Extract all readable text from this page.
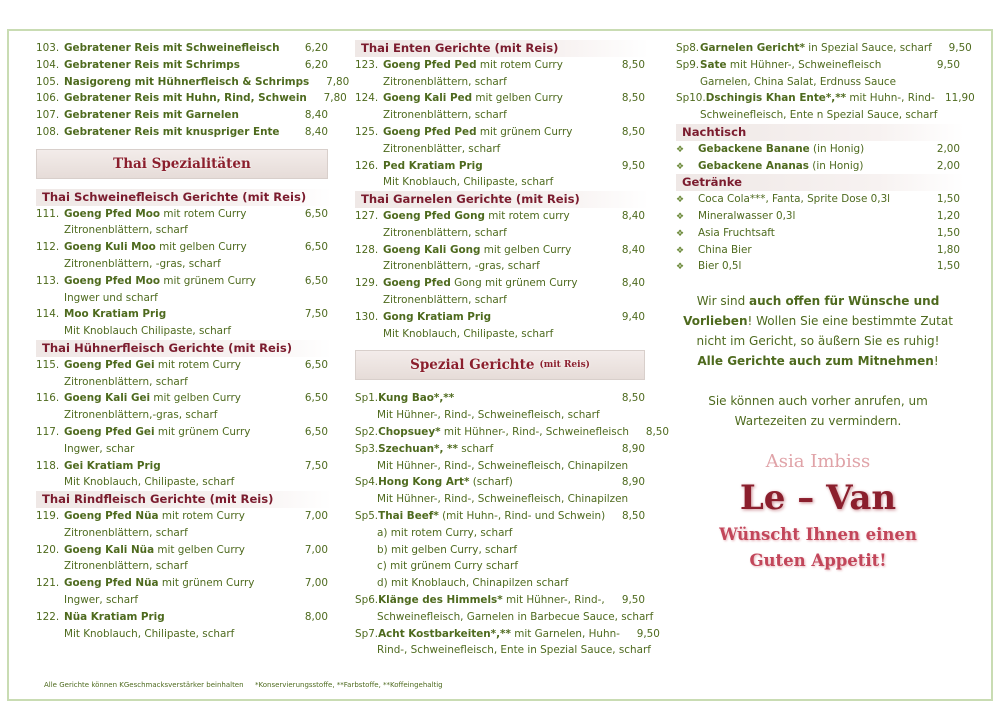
103. Gebratener Reis mit Schweinefleisch	6,20
104. Gebratener Reis mit Schrimps	6,20
105. Nasigoreng mit Hühnerfleisch & Schrimps	7,80
106. Gebratener Reis mit Huhn, Rind, Schwein	7,80
107. Gebratener Reis mit Garnelen	8,40
108. Gebratener Reis mit knuspriger Ente	8,40
Thai Spezialitäten
Thai Schweinefleisch Gerichte (mit Reis)
111. Goeng Pfed Moo mit rotem Curry	6,50
Zitronenblättern, scharf
112. Goeng Kuli Moo mit gelben Curry	6,50
Zitronenblättern, -gras, scharf
113. Goeng Pfed Moo mit grünem Curry	6,50
Ingwer und scharf
114. Moo Kratiam Prig	7,50
Mit Knoblauch Chilipaste, scharf
Thai Hühnerfleisch Gerichte (mit Reis)
115. Goeng Pfed Gei mit rotem Curry	6,50
Zitronenblättern, scharf
116. Goeng Kali Gei mit gelben Curry	6,50
Zitronenblättern,-gras, scharf
117. Goeng Pfed Gei mit grünem Curry	6,50
Ingwer, schar
118. Gei Kratiam Prig	7,50
Mit Knoblauch, Chilipaste, scharf
Thai Rindfleisch Gerichte (mit Reis)
119. Goeng Pfed Nüa mit rotem Curry	7,00
Zitronenblättern, scharf
120. Goeng Kali Nüa mit gelben Curry	7,00
Zitronenblättern, scharf
121. Goeng Pfed Nüa mit grünem Curry	7,00
Ingwer, scharf
122. Nüa Kratiam Prig	8,00
Mit Knoblauch, Chilipaste, scharf
Thai Enten Gerichte (mit Reis)
123. Goeng Pfed Ped mit rotem Curry	8,50
Zitronenblättern, scharf
124. Goeng Kali Ped mit gelben Curry	8,50
Zitronenblättern, scharf
125. Goeng Pfed Ped mit grünem Curry	8,50
Zitronenblätter, scharf
126. Ped Kratiam Prig	9,50
Mit Knoblauch, Chilipaste, scharf
Thai Garnelen Gerichte (mit Reis)
127. Goeng Pfed Gong mit rotem curry	8,40
Zitronenblättern, scharf
128. Goeng Kali Gong mit gelben Curry	8,40
Zitronenblättern, -gras, scharf
129. Goeng Pfed Gong mit grünem Curry	8,40
Zitronenblättern, scharf
130. Gong Kratiam Prig	9,40
Mit Knoblauch, Chilipaste, scharf
Spezial Gerichte (mit Reis)
Sp1. Kung Bao*,**	8,50
Mit Hühner-, Rind-, Schweinefleisch, scharf
Sp2. Chopsuey* mit Hühner-, Rind-, Schweinefleisch	8,50
Sp3. Szechuan*, ** scharf	8,90
Mit Hühner-, Rind-, Schweinefleisch, Chinapilzen
Sp4. Hong Kong Art* (scharf)	8,90
Mit Hühner-, Rind-, Schweinefleisch, Chinapilzen
Sp5. Thai Beef* (mit Huhn-, Rind- und Schwein)	8,50
a) mit rotem Curry, scharf
b) mit gelben Curry, scharf
c) mit grünem Curry scharf
d) mit Knoblauch, Chinapilzen scharf
Sp6. Klänge des Himmels* mit Hühner-, Rind-,	9,50
Schweinefleisch, Garnelen in Barbecue Sauce, scharf
Sp7. Acht Kostbarkeiten*,** mit Garnelen, Huhn-	9,50
Rind-, Schweinefleisch, Ente in Spezial Sauce, scharf
Sp8. Garnelen Gericht* in Spezial Sauce, scharf	9,50
Sp9. Sate mit Hühner-, Schweinefleisch	9,50
Garnelen, China Salat, Erdnuss Sauce
Sp10. Dschingis Khan Ente*,** mit Huhn-, Rind- 11,90
Schweinefleisch, Ente n Spezial Sauce, scharf
Nachtisch
❖	Gebackene Banane (in Honig)	2,00
❖	Gebackene Ananas (in Honig)	2,00
Getränke
❖	Coca Cola***, Fanta, Sprite Dose 0,3l	1,50
❖	Mineralwasser 0,3l	1,20
❖	Asia Fruchtsaft	1,50
❖	China Bier	1,80
❖	Bier 0,5l	1,50
Wir sind auch offen für Wünsche und
Vorlieben! Wollen Sie eine bestimmte Zutat
nicht im Gericht, so äußern Sie es ruhig!
Alle Gerichte auch zum Mitnehmen!
Sie können auch vorher anrufen, um
Wartezeiten zu vermindern.
Asia Imbiss
Le – Van
Wünscht Ihnen einen
Guten Appetit!
Alle Gerichte können KGeschmacksverstärker beinhalten *Konservierungsstoffe, **Farbstoffe, **Koffeingehaltig
